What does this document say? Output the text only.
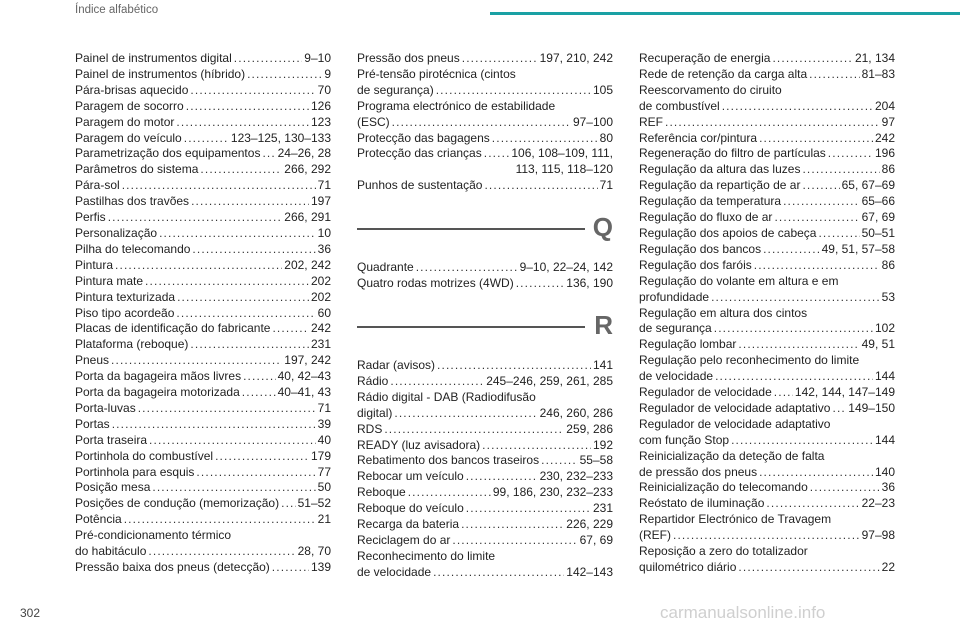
Índice alfabético
Painel de instrumentos digital . . .	9–10
Painel de instrumentos (híbrido) . . .	9
Pára-brisas aquecido . . .	70
Paragem de socorro . . .	126
Paragem do motor . . .	123
Paragem do veículo . . .	123–125, 130–133
Parametrização dos equipamentos . . . 24–26, 28
Parâmetros do sistema . . .	266, 292
Pára-sol . . .	71
Pastilhas dos travões . . .	197
Perfis . . .	266, 291
Personalização . . .	10
Pilha do telecomando . . .	36
Pintura . . .	202, 242
Pintura mate . . .	202
Pintura texturizada . . .	202
Piso tipo acordeão . . .	60
Placas de identificação do fabricante . . .	242
Plataforma (reboque) . . .	231
Pneus . . .	197, 242
Porta da bagageira mãos livres . . .	40, 42–43
Porta da bagageira motorizada . . .	40–41, 43
Porta-luvas . . .	71
Portas . . .	39
Porta traseira . . .	40
Portinhola do combustível . . .	179
Portinhola para esquis . . .	77
Posição mesa . . .	50
Posições de condução (memorização) . . . 51–52
Potência . . .	21
Pré-condicionamento térmico
do habitáculo . . .	28, 70
Pressão baixa dos pneus (detecção) . . .	139
Pressão dos pneus . . .	197, 210, 242
Pré-tensão pirotécnica (cintos
de segurança) . . .	105
Programa electrónico de estabilidade
(ESC) . . .	97–100
Protecção das bagagens . . .	80
Protecção das crianças . . . 106, 108–109, 111,
113, 115, 118–120
Punhos de sustentação . . .	71
Q
Quadrante . . .	9–10, 22–24, 142
Quatro rodas motrizes (4WD) . . .	136, 190
R
Radar (avisos) . . .	141
Rádio . . .	245–246, 259, 261, 285
Rádio digital - DAB (Radiodifusão
digital) . . .	246, 260, 286
RDS . . .	259, 286
READY (luz avisadora) . . .	192
Rebatimento dos bancos traseiros . . .	55–58
Rebocar um veículo . . .	230, 232–233
Reboque . . .	99, 186, 230, 232–233
Reboque do veículo . . .	231
Recarga da bateria . . .	226, 229
Reciclagem do ar . . .	67, 69
Reconhecimento do limite
de velocidade . . .	142–143
Recuperação de energia . . .	21, 134
Rede de retenção da carga alta . . .	81–83
Reescorvamento do ciruito
de combustível . . .	204
REF . . .	97
Referência cor/pintura . . .	242
Regeneração do filtro de partículas . . .	196
Regulação da altura das luzes . . .	86
Regulação da repartição de ar . . .	65, 67–69
Regulação da temperatura . . .	65–66
Regulação do fluxo de ar . . .	67, 69
Regulação dos apoios de cabeça . . .	50–51
Regulação dos bancos . . .	49, 51, 57–58
Regulação dos faróis . . .	86
Regulação do volante em altura e em
profundidade . . .	53
Regulação em altura dos cintos
de segurança . . .	102
Regulação lombar . . .	49, 51
Regulação pelo reconhecimento do limite
de velocidade . . .	144
Regulador de velocidade . . . 142, 144, 147–149
Regulador de velocidade adaptativo . . . 149–150
Regulador de velocidade adaptativo
com função Stop . . .	144
Reinicialização da deteção de falta
de pressão dos pneus . . .	140
Reinicialização do telecomando . . .	36
Reóstato de iluminação . . .	22–23
Repartidor Electrónico de Travagem
(REF) . . .	97–98
Reposição a zero do totalizador
quilométrico diário . . .	22
302	carmanualsonline.info
